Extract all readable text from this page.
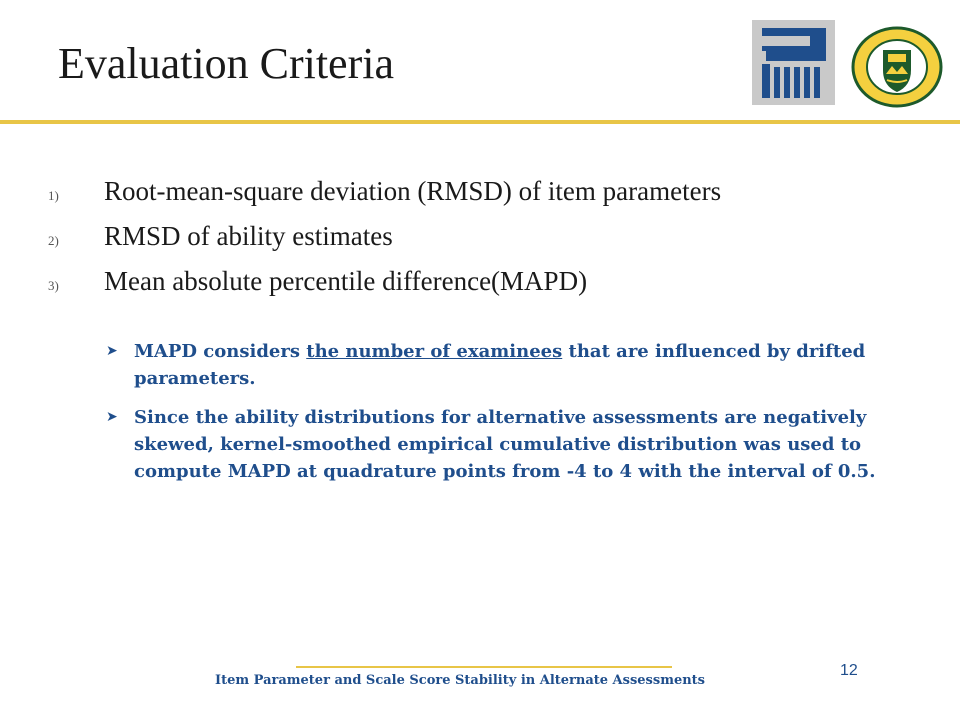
Evaluation Criteria
1)	Root-mean-square deviation (RMSD) of item parameters
2)	RMSD of ability estimates
3)	Mean absolute percentile difference(MAPD)
➤ MAPD considers the number of examinees that are influenced by drifted parameters.
➤ Since the ability distributions for alternative assessments are negatively skewed, kernel-smoothed empirical cumulative distribution was used to compute MAPD at quadrature points from -4 to 4 with the interval of 0.5.
Item Parameter and Scale Score Stability in Alternate Assessments
12
